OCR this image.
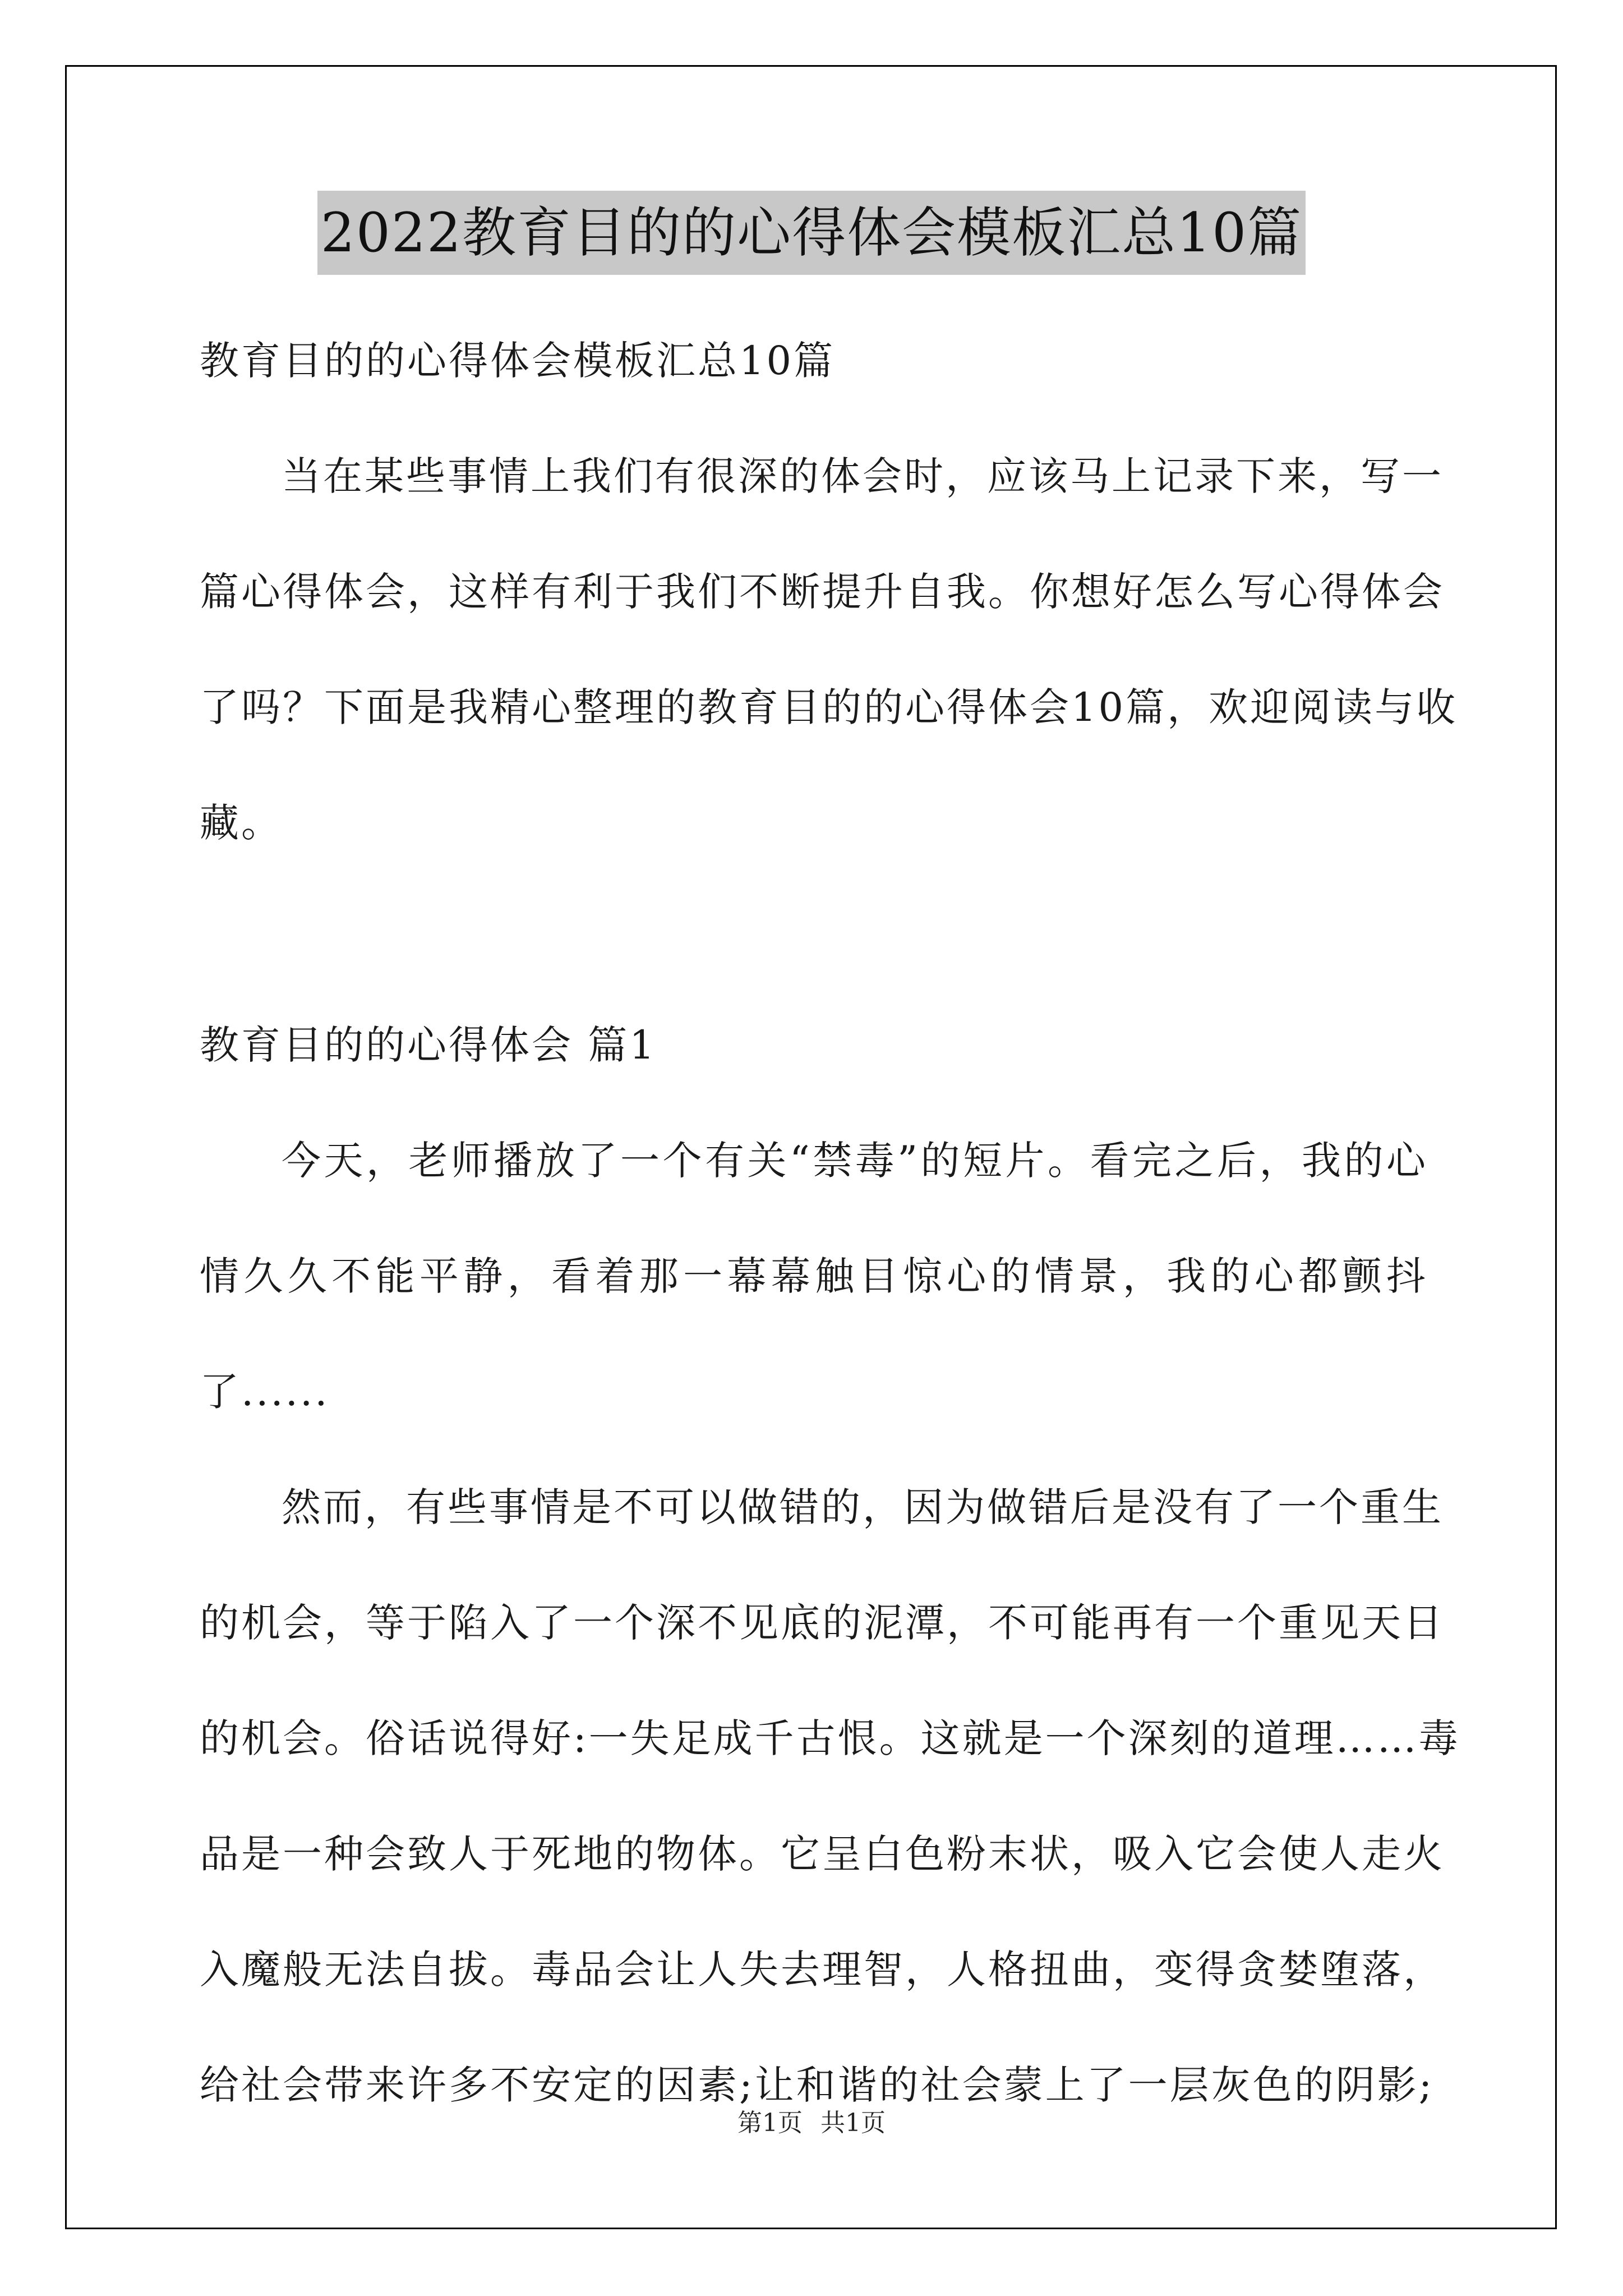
2022教育目的的心得体会模板汇总10篇
教育目的的心得体会模板汇总10篇
当在某些事情上我们有很深的体会时，应该马上记录下来，写一
篇心得体会，这样有利于我们不断提升自我。你想好怎么写心得体会
了吗？下面是我精心整理的教育目的的心得体会10篇，欢迎阅读与收
藏。
教育目的的心得体会 篇1
今天，老师播放了一个有关“禁毒”的短片。看完之后，我的心
情久久不能平静，看着那一幕幕触目惊心的情景，我的心都颤抖
了......
然而，有些事情是不可以做错的，因为做错后是没有了一个重生
的机会，等于陷入了一个深不见底的泥潭，不可能再有一个重见天日
的机会。俗话说得好:一失足成千古恨。这就是一个深刻的道理……毒
品是一种会致人于死地的物体。它呈白色粉末状，吸入它会使人走火
入魔般无法自拔。毒品会让人失去理智，人格扭曲，变得贪婪堕落，
给社会带来许多不安定的因素;让和谐的社会蒙上了一层灰色的阴影;
第1页 共1页
